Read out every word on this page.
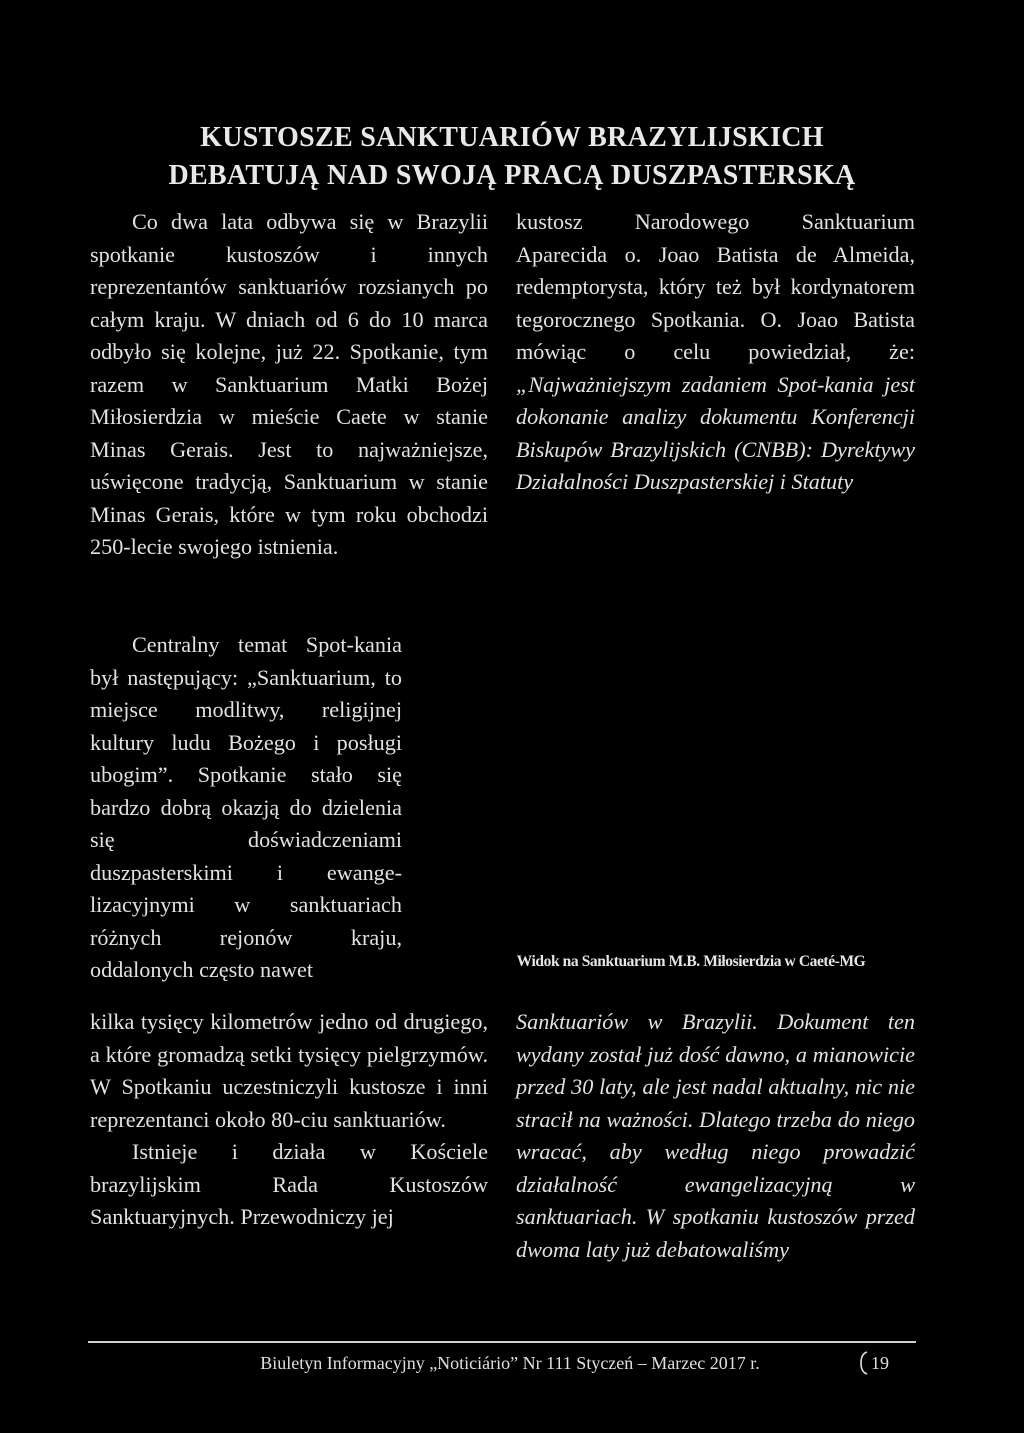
KUSTOSZE SANKTUARIÓW BRAZYLIJSKICH
DEBATUJĄ NAD SWOJĄ PRACĄ DUSZPASTERSKĄ

Co dwa lata odbywa się w Brazylii spotkanie kustoszów i innych reprezentantów sanktuariów rozsianych po całym kraju. W dniach od 6 do 10 marca odbyło się kolejne, już 22. Spotkanie, tym razem w Sanktuarium Matki Bożej Miłosierdzia w mieście Caete w stanie Minas Gerais. Jest to najważniejsze, uświęcone tradycją, Sanktuarium w stanie Minas Gerais, które w tym roku obchodzi 250-lecie swojego istnienia.

Centralny temat Spot-kania był następujący: „Sanktuarium, to miejsce modlitwy, religijnej kultury ludu Bożego i posługi ubogim”. Spotkanie stało się bardzo dobrą okazją do dzielenia się doświadczeniami duszpasterskimi i ewange-lizacyjnymi w sanktuariach różnych rejonów kraju, oddalonych często nawet

kilka tysięcy kilometrów jedno od drugiego, a które gromadzą setki tysięcy pielgrzymów. W Spotkaniu uczestniczyli kustosze i inni reprezentanci około 80-ciu sanktuariów.

Istnieje i działa w Kościele brazylijskim Rada Kustoszów Sanktuaryjnych. Przewodniczy jej

kustosz Narodowego Sanktuarium Aparecida o. Joao Batista de Almeida, redemptorysta, który też był kordynatorem tegorocznego Spotkania. O. Joao Batista mówiąc o celu powiedział, że: „Najważniejszym zadaniem Spot-kania jest dokonanie analizy dokumentu Konferencji Biskupów Brazylijskich (CNBB): Dyrektywy Działalności Duszpasterskiej i Statuty

Widok na Sanktuarium M.B. Miłosierdzia w Caeté-MG

Sanktuariów w Brazylii. Dokument ten wydany został już dość dawno, a mianowicie przed 30 laty, ale jest nadal aktualny, nic nie stracił na ważności. Dlatego trzeba do niego wracać, aby według niego prowadzić działalność ewangelizacyjną w sanktuariach. W spotkaniu kustoszów przed dwoma laty już debatowaliśmy

Biuletyn Informacyjny „Noticiário” Nr 111 Styczeń – Marzec 2017 r.	19
